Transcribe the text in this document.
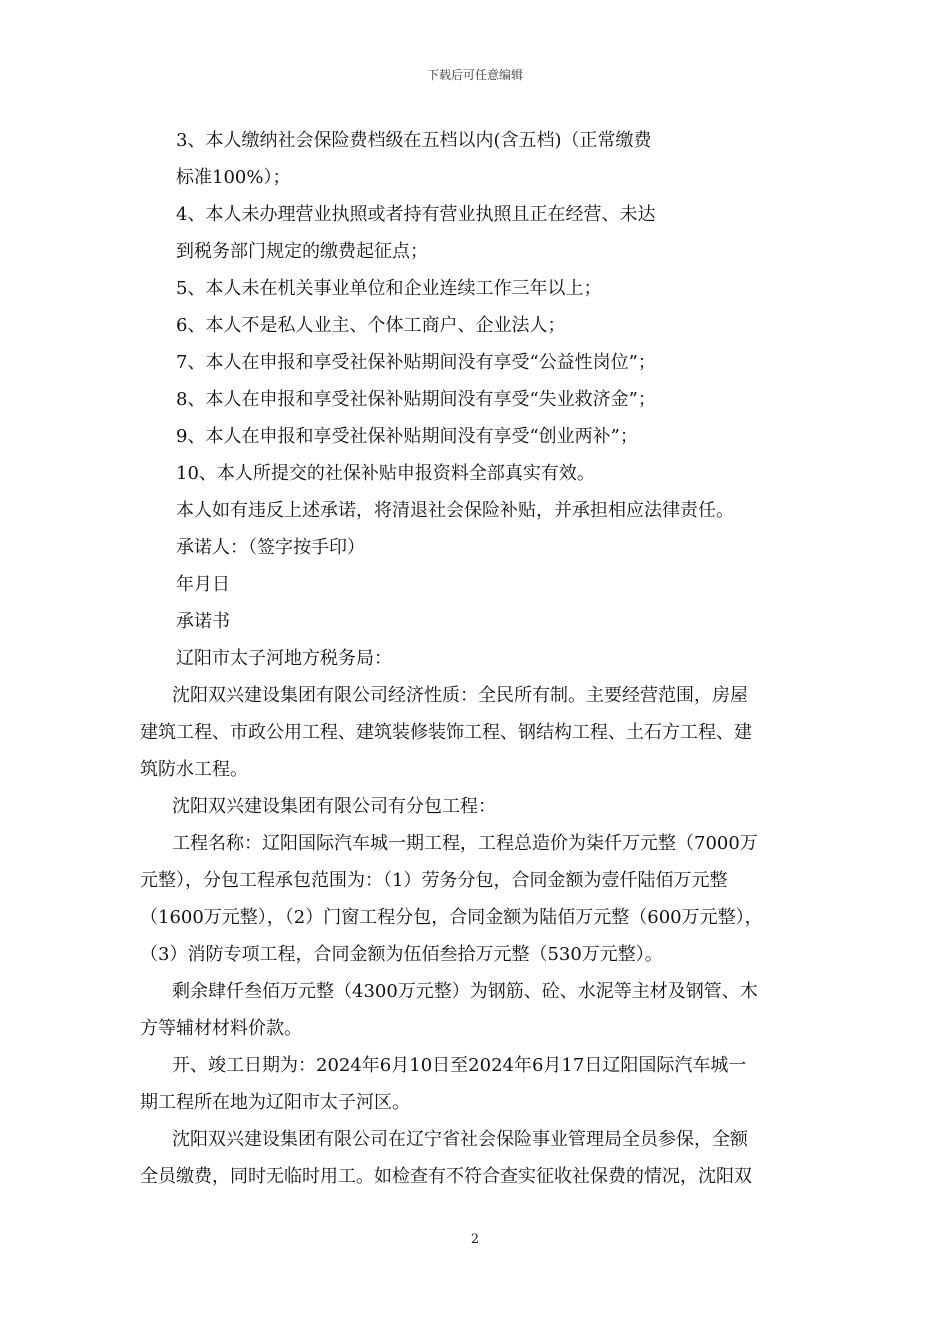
下载后可任意编辑
3、本人缴纳社会保险费档级在五档以内(含五档)（正常缴费
标准100%）；
4、本人未办理营业执照或者持有营业执照且正在经营、未达
到税务部门规定的缴费起征点；
5、本人未在机关事业单位和企业连续工作三年以上；
6、本人不是私人业主、个体工商户、企业法人；
7、本人在申报和享受社保补贴期间没有享受“公益性岗位”；
8、本人在申报和享受社保补贴期间没有享受“失业救济金”；
9、本人在申报和享受社保补贴期间没有享受“创业两补”；
10、本人所提交的社保补贴申报资料全部真实有效。
本人如有违反上述承诺，将清退社会保险补贴，并承担相应法律责任。
承诺人：（签字按手印）
年月日
承诺书
辽阳市太子河地方税务局：
沈阳双兴建设集团有限公司经济性质：全民所有制。主要经营范围，房屋
建筑工程、市政公用工程、建筑装修装饰工程、钢结构工程、土石方工程、建
筑防水工程。
沈阳双兴建设集团有限公司有分包工程：
工程名称：辽阳国际汽车城一期工程，工程总造价为柒仟万元整（7000万
元整），分包工程承包范围为：（1）劳务分包，合同金额为壹仟陆佰万元整
（1600万元整），（2）门窗工程分包，合同金额为陆佰万元整（600万元整），
（3）消防专项工程，合同金额为伍佰叁拾万元整（530万元整）。
剩余肆仟叁佰万元整（4300万元整）为钢筋、砼、水泥等主材及钢管、木
方等辅材材料价款。
开、竣工日期为：2024年6月10日至2024年6月17日辽阳国际汽车城一
期工程所在地为辽阳市太子河区。
沈阳双兴建设集团有限公司在辽宁省社会保险事业管理局全员参保，全额
全员缴费，同时无临时用工。如检查有不符合查实征收社保费的情况，沈阳双
2
